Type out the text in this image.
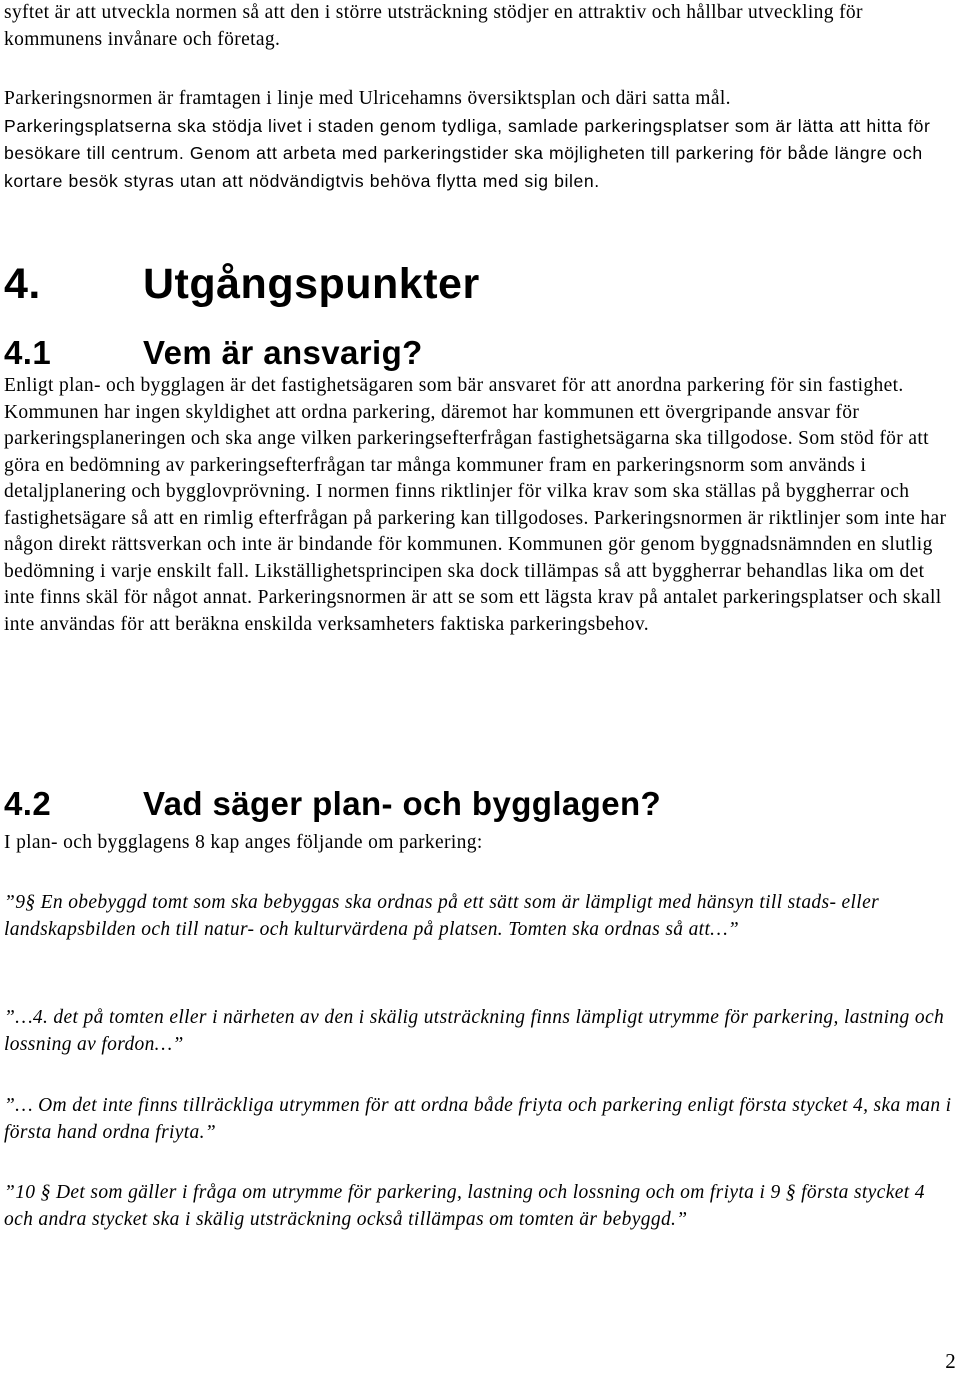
syftet är att utveckla normen så att den i större utsträckning stödjer en attraktiv och hållbar utveckling för kommunens invånare och företag.

Parkeringsnormen är framtagen i linje med Ulricehamns översiktsplan och däri satta mål.
Parkeringsplatserna ska stödja livet i staden genom tydliga, samlade parkeringsplatser som är lätta att hitta för besökare till centrum. Genom att arbeta med parkeringstider ska möjligheten till parkering för både längre och kortare besök styras utan att nödvändigtvis behöva flytta med sig bilen.

4. Utgångspunkter
4.1	Vem är ansvarig?

Enligt plan- och bygglagen är det fastighetsägaren som bär ansvaret för att anordna parkering för sin fastighet. Kommunen har ingen skyldighet att ordna parkering, däremot har kommunen ett övergripande ansvar för parkeringsplaneringen och ska ange vilken parkeringsefterfrågan fastighetsägarna ska tillgodose. Som stöd för att göra en bedömning av parkeringsefterfrågan tar många kommuner fram en parkeringsnorm som används i detaljplanering och bygglovprövning. I normen finns riktlinjer för vilka krav som ska ställas på byggherrar och fastighetsägare så att en rimlig efterfrågan på parkering kan tillgodoses. Parkeringsnormen är riktlinjer som inte har någon direkt rättsverkan och inte är bindande för kommunen. Kommunen gör genom byggnadsnämnden en slutlig bedömning i varje enskilt fall. Likställighetsprincipen ska dock tillämpas så att byggherrar behandlas lika om det inte finns skäl för något annat. Parkeringsnormen är att se som ett lägsta krav på antalet parkeringsplatser och skall inte användas för att beräkna enskilda verksamheters faktiska parkeringsbehov.

4.2	Vad säger plan- och bygglagen?

I plan- och bygglagens 8 kap anges följande om parkering:

”9§ En obebyggd tomt som ska bebyggas ska ordnas på ett sätt som är lämpligt med hänsyn till stads- eller landskapsbilden och till natur- och kulturvärdena på platsen. Tomten ska ordnas så att…”

”…4. det på tomten eller i närheten av den i skälig utsträckning finns lämpligt utrymme för parkering, lastning och lossning av fordon…”

”… Om det inte finns tillräckliga utrymmen för att ordna både friyta och parkering enligt första stycket 4, ska man i första hand ordna friyta.”

”10 § Det som gäller i fråga om utrymme för parkering, lastning och lossning och om friyta i 9 § första stycket 4 och andra stycket ska i skälig utsträckning också tillämpas om tomten är bebyggd.”

2
